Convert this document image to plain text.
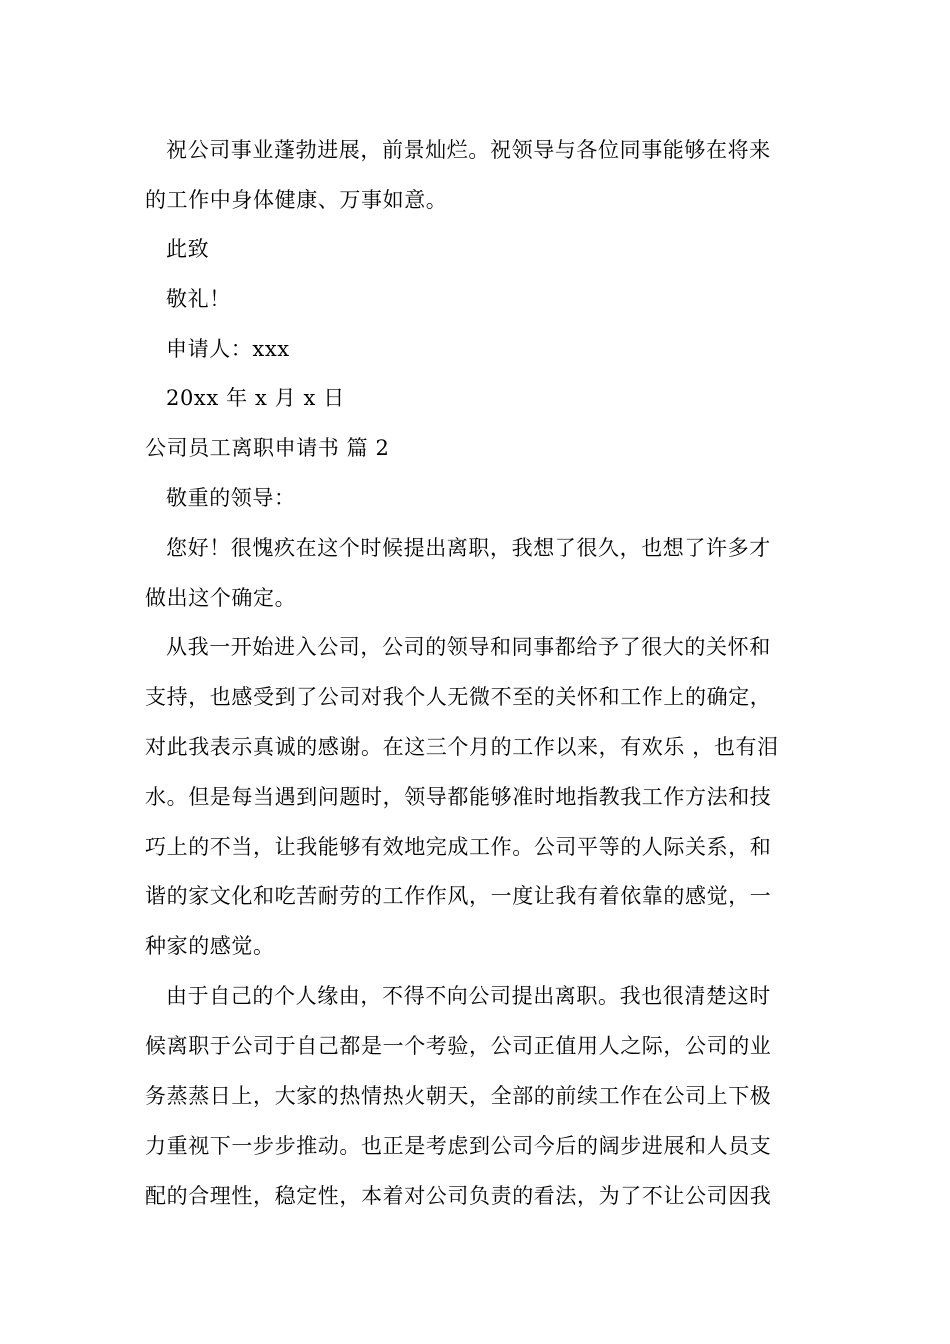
祝公司事业蓬勃进展，前景灿烂。祝领导与各位同事能够在将来
的工作中身体健康、万事如意。
此致
敬礼！
申请人：xxx
20xx 年 x 月 x 日
公司员工离职申请书 篇 2
敬重的领导：
您好！很愧疚在这个时候提出离职，我想了很久，也想了许多才
做出这个确定。
从我一开始进入公司，公司的领导和同事都给予了很大的关怀和
支持，也感受到了公司对我个人无微不至的关怀和工作上的确定，
对此我表示真诚的感谢。在这三个月的工作以来，有欢乐 ，也有泪
水。但是每当遇到问题时，领导都能够准时地指教我工作方法和技
巧上的不当，让我能够有效地完成工作。公司平等的人际关系，和
谐的家文化和吃苦耐劳的工作作风，一度让我有着依靠的感觉，一
种家的感觉。
由于自己的个人缘由，不得不向公司提出离职。我也很清楚这时
候离职于公司于自己都是一个考验，公司正值用人之际，公司的业
务蒸蒸日上，大家的热情热火朝天，全部的前续工作在公司上下极
力重视下一步步推动。也正是考虑到公司今后的阔步进展和人员支
配的合理性，稳定性，本着对公司负责的看法，为了不让公司因我
